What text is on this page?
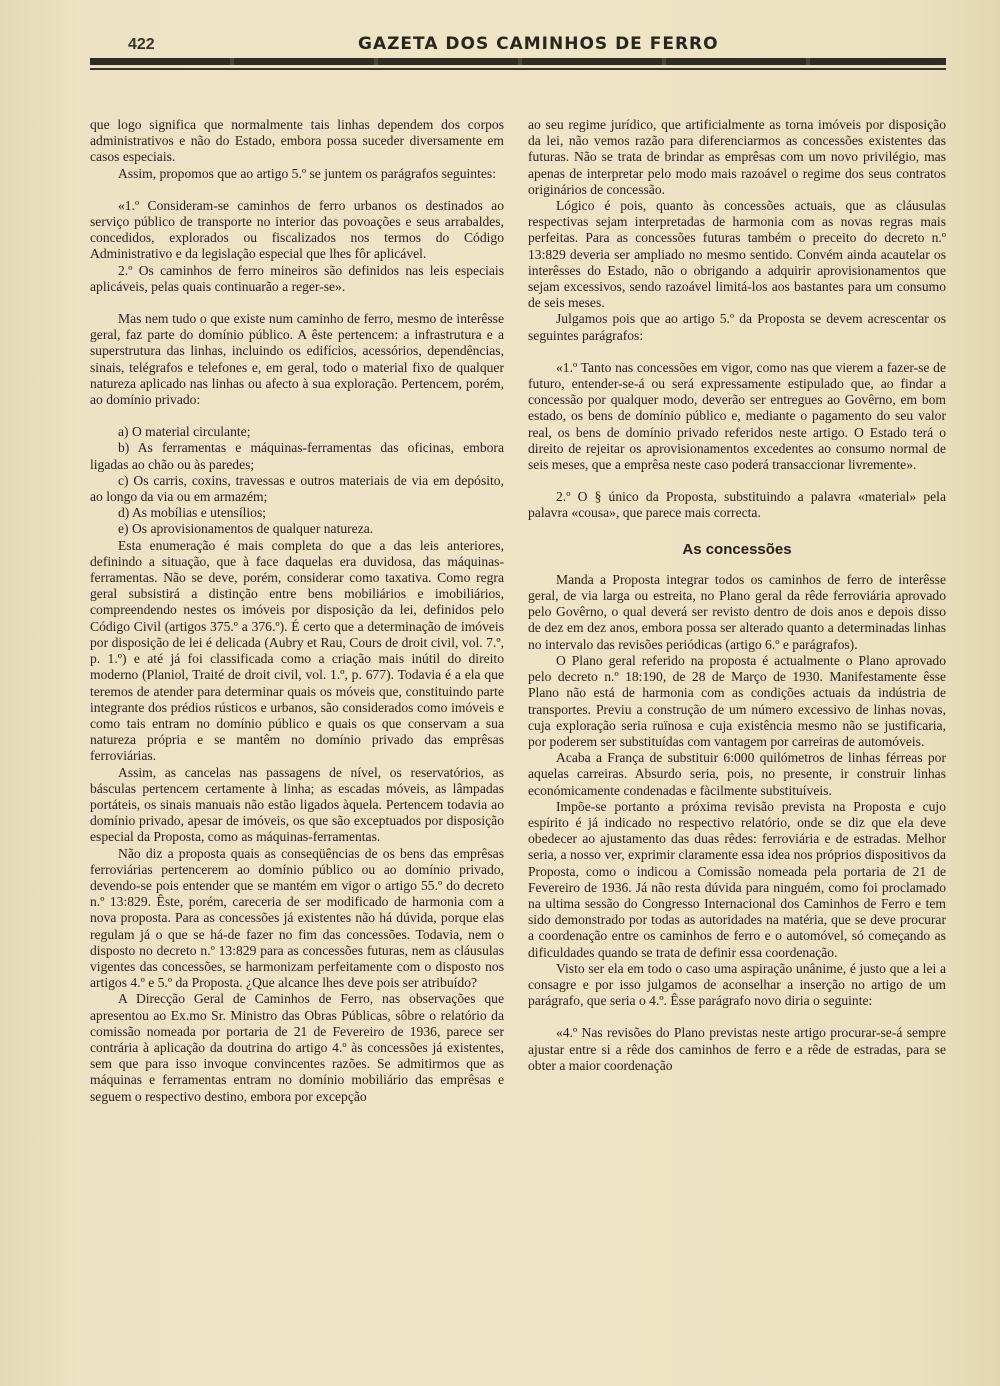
422	GAZETA DOS CAMINHOS DE FERRO

que logo significa que normalmente tais linhas dependem dos corpos administrativos e não do Estado, embora possa suceder diversamente em casos especiais.

Assim, propomos que ao artigo 5.º se juntem os parágrafos seguintes:

«1.º Consideram-se caminhos de ferro urbanos os destinados ao serviço público de transporte no interior das povoações e seus arrabaldes, concedidos, explorados ou fiscalizados nos termos do Código Administrativo e da legislação especial que lhes fôr aplicável.

2.º Os caminhos de ferro mineiros são definidos nas leis especiais aplicáveis, pelas quais continuarão a reger-se».

Mas nem tudo o que existe num caminho de ferro, mesmo de interêsse geral, faz parte do domínio público. A êste pertencem: a infrastrutura e a superstrutura das linhas, incluindo os edifícios, acessórios, dependências, sinais, telégrafos e telefones e, em geral, todo o material fixo de qualquer natureza aplicado nas linhas ou afecto à sua exploração. Pertencem, porém, ao domínio privado:

a) O material circulante;

b) As ferramentas e máquinas-ferramentas das oficinas, embora ligadas ao chão ou às paredes;

c) Os carris, coxins, travessas e outros materiais de via em depósito, ao longo da via ou em armazém;

d) As mobílias e utensílios;

e) Os aprovisionamentos de qualquer natureza.

Esta enumeração é mais completa do que a das leis anteriores, definindo a situação, que à face daquelas era duvidosa, das máquinas-ferramentas. Não se deve, porém, considerar como taxativa. Como regra geral subsistirá a distinção entre bens mobiliários e imobiliários, compreendendo nestes os imóveis por disposição da lei, definidos pelo Código Civil (artigos 375.º a 376.º). É certo que a determinação de imóveis por disposição de lei é delicada (Aubry et Rau, Cours de droit civil, vol. 7.º, p. 1.º) e até já foi classificada como a criação mais inútil do direito moderno (Planiol, Traité de droit civil, vol. 1.º, p. 677). Todavia é a ela que teremos de atender para determinar quais os móveis que, constituindo parte integrante dos prédios rústicos e urbanos, são considerados como imóveis e como tais entram no domínio público e quais os que conservam a sua natureza própria e se mantêm no domínio privado das emprêsas ferroviárias.

Assim, as cancelas nas passagens de nível, os reservatórios, as básculas pertencem certamente à linha; as escadas móveis, as lâmpadas portáteis, os sinais manuais não estão ligados àquela. Pertencem todavia ao domínio privado, apesar de imóveis, os que são exceptuados por disposição especial da Proposta, como as máquinas-ferramentas.

Não diz a proposta quais as conseqüências de os bens das emprêsas ferroviárias pertencerem ao domínio público ou ao domínio privado, devendo-se pois entender que se mantém em vigor o artigo 55.º do decreto n.º 13:829. Êste, porém, careceria de ser modificado de harmonia com a nova proposta. Para as concessões já existentes não há dúvida, porque elas regulam já o que se há-de fazer no fim das concessões. Todavia, nem o disposto no decreto n.º 13:829 para as concessões futuras, nem as cláusulas vigentes das concessões, se harmonizam perfeitamente com o disposto nos artigos 4.º e 5.º da Proposta. ¿Que alcance lhes deve pois ser atribuído?

A Direcção Geral de Caminhos de Ferro, nas observações que apresentou ao Ex.mo Sr. Ministro das Obras Públicas, sôbre o relatório da comissão nomeada por portaria de 21 de Fevereiro de 1936, parece ser contrária à aplicação da doutrina do artigo 4.º às concessões já existentes, sem que para isso invoque convincentes razões. Se admitirmos que as máquinas e ferramentas entram no domínio mobiliário das emprêsas e seguem o respectivo destino, embora por excepção

ao seu regime jurídico, que artificialmente as torna imóveis por disposição da lei, não vemos razão para diferenciarmos as concessões existentes das futuras. Não se trata de brindar as emprêsas com um novo privilégio, mas apenas de interpretar pelo modo mais razoável o regime dos seus contratos originários de concessão.

Lógico é pois, quanto às concessões actuais, que as cláusulas respectivas sejam interpretadas de harmonia com as novas regras mais perfeitas. Para as concessões futuras também o preceito do decreto n.º 13:829 deveria ser ampliado no mesmo sentido. Convém ainda acautelar os interêsses do Estado, não o obrigando a adquirir aprovisionamentos que sejam excessivos, sendo razoável limitá-los aos bastantes para um consumo de seis meses.

Julgamos pois que ao artigo 5.º da Proposta se devem acrescentar os seguintes parágrafos:

«1.º Tanto nas concessões em vigor, como nas que vierem a fazer-se de futuro, entender-se-á ou será expressamente estipulado que, ao findar a concessão por qualquer modo, deverão ser entregues ao Govêrno, em bom estado, os bens de domínio público e, mediante o pagamento do seu valor real, os bens de domínio privado referidos neste artigo. O Estado terá o direito de rejeitar os aprovisionamentos excedentes ao consumo normal de seis meses, que a emprêsa neste caso poderá transaccionar livremente».

2.º O § único da Proposta, substituindo a palavra «material» pela palavra «cousa», que parece mais correcta.

As concessões

Manda a Proposta integrar todos os caminhos de ferro de interêsse geral, de via larga ou estreita, no Plano geral da rêde ferroviária aprovado pelo Govêrno, o qual deverá ser revisto dentro de dois anos e depois disso de dez em dez anos, embora possa ser alterado quanto a determinadas linhas no intervalo das revisões periódicas (artigo 6.º e parágrafos).

O Plano geral referido na proposta é actualmente o Plano aprovado pelo decreto n.º 18:190, de 28 de Março de 1930. Manifestamente êsse Plano não está de harmonia com as condições actuais da indústria de transportes. Previu a construção de um número excessivo de linhas novas, cuja exploração seria ruïnosa e cuja existência mesmo não se justificaria, por poderem ser substituídas com vantagem por carreiras de automóveis.

Acaba a França de substituir 6:000 quilómetros de linhas férreas por aquelas carreiras. Absurdo seria, pois, no presente, ir construir linhas económicamente condenadas e fàcilmente substituíveis.

Impõe-se portanto a próxima revisão prevista na Proposta e cujo espírito é já indicado no respectivo relatório, onde se diz que ela deve obedecer ao ajustamento das duas rêdes: ferroviária e de estradas. Melhor seria, a nosso ver, exprimir claramente essa idea nos próprios dispositivos da Proposta, como o indicou a Comissão nomeada pela portaria de 21 de Fevereiro de 1936. Já não resta dúvida para ninguém, como foi proclamado na ultima sessão do Congresso Internacional dos Caminhos de Ferro e tem sido demonstrado por todas as autoridades na matéria, que se deve procurar a coordenação entre os caminhos de ferro e o automóvel, só começando as dificuldades quando se trata de definir essa coordenação.

Visto ser ela em todo o caso uma aspiração unânime, é justo que a lei a consagre e por isso julgamos de aconselhar a inserção no artigo de um parágrafo, que seria o 4.º. Êsse parágrafo novo diria o seguinte:

«4.º Nas revisões do Plano previstas neste artigo procurar-se-á sempre ajustar entre si a rêde dos caminhos de ferro e a rêde de estradas, para se obter a maior coordenação
